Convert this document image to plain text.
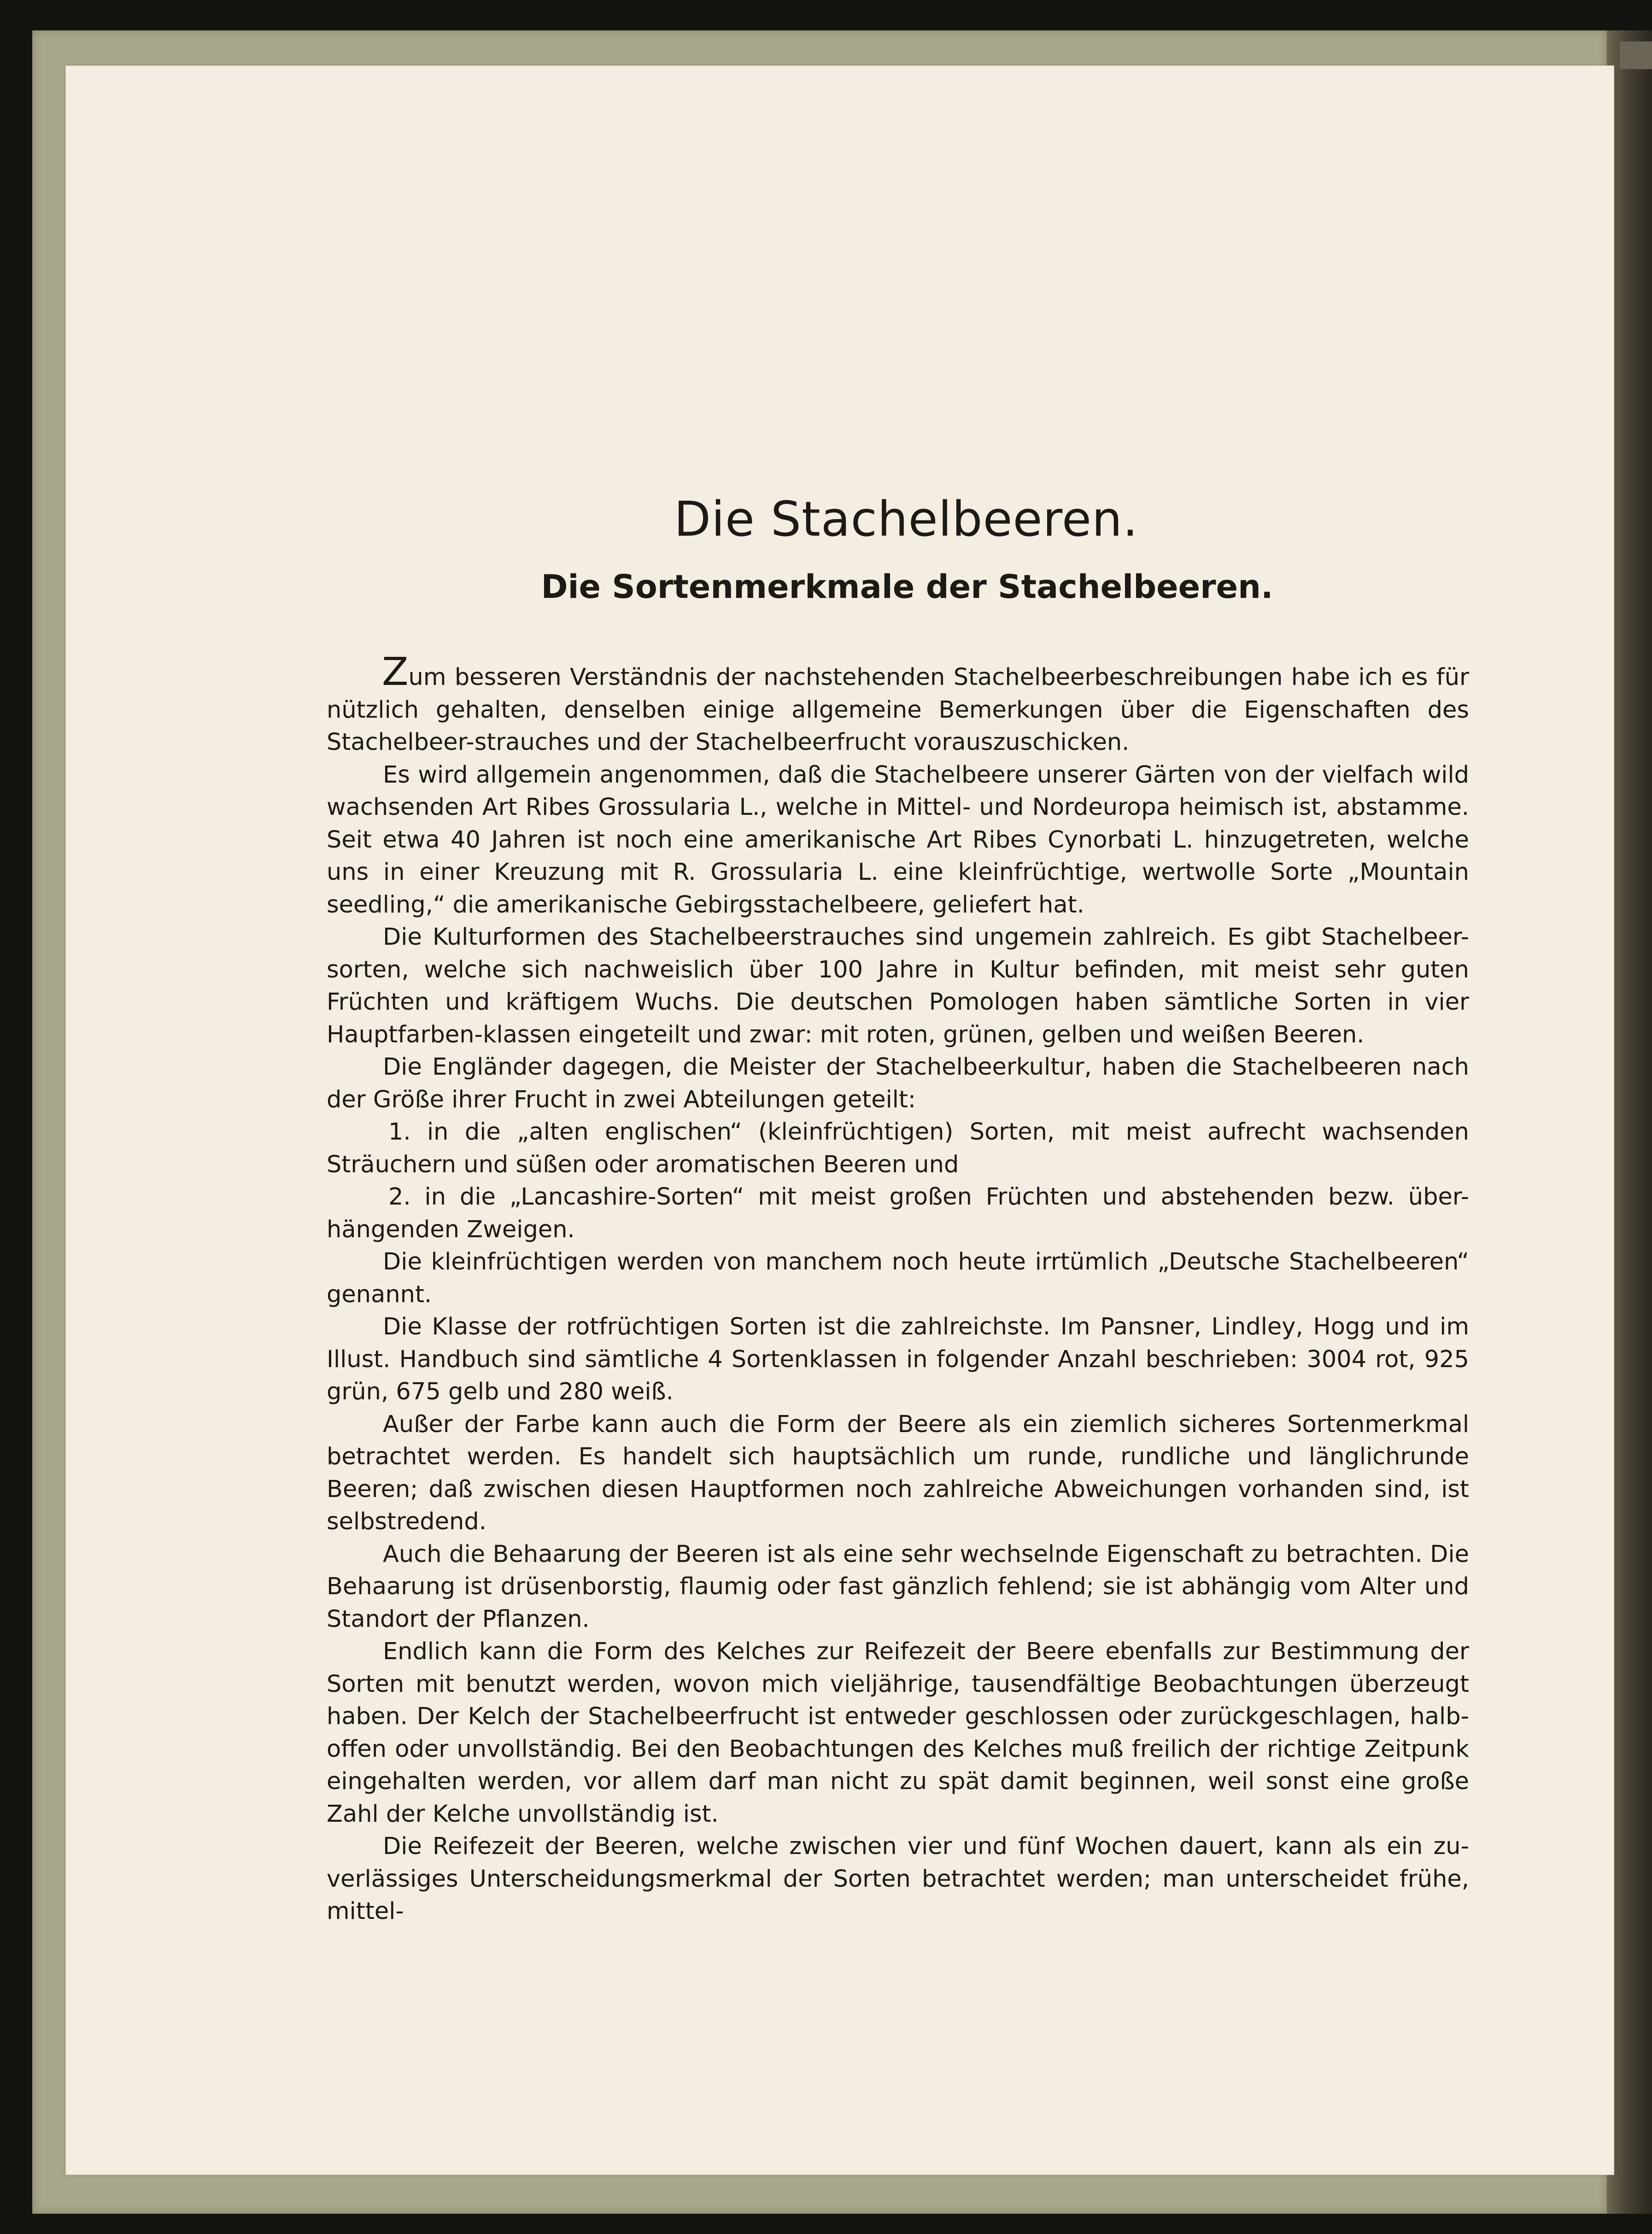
Die Stachelbeeren.
Die Sortenmerkmale der Stachelbeeren.

Zum besseren Verständnis der nachstehenden Stachelbeerbeschreibungen habe ich es für nützlich gehalten, denselben einige allgemeine Bemerkungen über die Eigenschaften des Stachelbeer-strauches und der Stachelbeerfrucht vorauszuschicken.

Es wird allgemein angenommen, daß die Stachelbeere unserer Gärten von der vielfach wild wachsenden Art Ribes Grossularia L., welche in Mittel- und Nordeuropa heimisch ist, abstamme. Seit etwa 40 Jahren ist noch eine amerikanische Art Ribes Cynorbati L. hinzugetreten, welche uns in einer Kreuzung mit R. Grossularia L. eine kleinfrüchtige, wertwolle Sorte „Mountain seedling,“ die amerikanische Gebirgsstachelbeere, geliefert hat.

Die Kulturformen des Stachelbeerstrauches sind ungemein zahlreich. Es gibt Stachelbeer-sorten, welche sich nachweislich über 100 Jahre in Kultur befinden, mit meist sehr guten Früchten und kräftigem Wuchs. Die deutschen Pomologen haben sämtliche Sorten in vier Hauptfarben-klassen eingeteilt und zwar: mit roten, grünen, gelben und weißen Beeren.

Die Engländer dagegen, die Meister der Stachelbeerkultur, haben die Stachelbeeren nach der Größe ihrer Frucht in zwei Abteilungen geteilt:

1. in die „alten englischen“ (kleinfrüchtigen) Sorten, mit meist aufrecht wachsenden Sträuchern und süßen oder aromatischen Beeren und

2. in die „Lancashire-Sorten“ mit meist großen Früchten und abstehenden bezw. über-hängenden Zweigen.

Die kleinfrüchtigen werden von manchem noch heute irrtümlich „Deutsche Stachelbeeren“ genannt.

Die Klasse der rotfrüchtigen Sorten ist die zahlreichste. Im Pansner, Lindley, Hogg und im Illust. Handbuch sind sämtliche 4 Sortenklassen in folgender Anzahl beschrieben: 3004 rot, 925 grün, 675 gelb und 280 weiß.

Außer der Farbe kann auch die Form der Beere als ein ziemlich sicheres Sortenmerkmal betrachtet werden. Es handelt sich hauptsächlich um runde, rundliche und länglichrunde Beeren; daß zwischen diesen Hauptformen noch zahlreiche Abweichungen vorhanden sind, ist selbstredend.

Auch die Behaarung der Beeren ist als eine sehr wechselnde Eigenschaft zu betrachten. Die Behaarung ist drüsenborstig, flaumig oder fast gänzlich fehlend; sie ist abhängig vom Alter und Standort der Pflanzen.

Endlich kann die Form des Kelches zur Reifezeit der Beere ebenfalls zur Bestimmung der Sorten mit benutzt werden, wovon mich vieljährige, tausendfältige Beobachtungen überzeugt haben. Der Kelch der Stachelbeerfrucht ist entweder geschlossen oder zurückgeschlagen, halb-offen oder unvollständig. Bei den Beobachtungen des Kelches muß freilich der richtige Zeitpunk eingehalten werden, vor allem darf man nicht zu spät damit beginnen, weil sonst eine große Zahl der Kelche unvollständig ist.

Die Reifezeit der Beeren, welche zwischen vier und fünf Wochen dauert, kann als ein zu-verlässiges Unterscheidungsmerkmal der Sorten betrachtet werden; man unterscheidet frühe, mittel-
